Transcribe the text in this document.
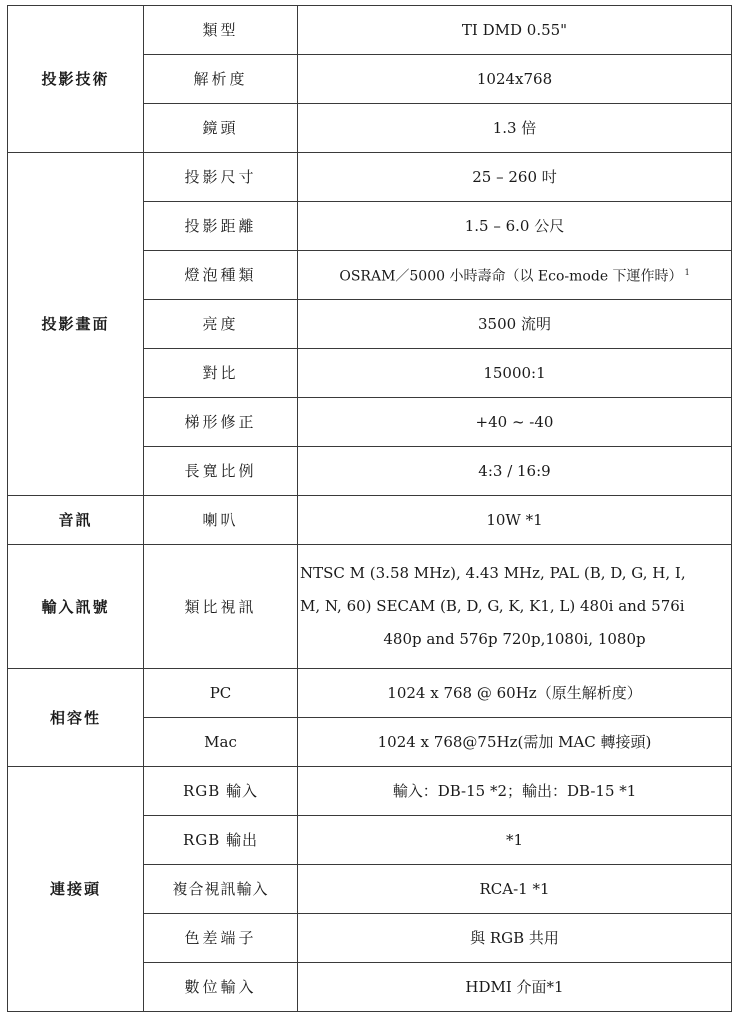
投影技術	類型	TI DMD 0.55"
	解析度	1024x768
	鏡頭	1.3 倍
投影畫面	投影尺寸	25 – 260 吋
	投影距離	1.5 – 6.0 公尺
	燈泡種類	OSRAM／5000 小時壽命（以 Eco-mode 下運作時） $^1$
	亮度	3500 流明
	對比	15000:1
	梯形修正	+40 ~ -40
	長寬比例	4:3 / 16:9
音訊	喇叭	10W *1
輸入訊號	類比視訊	NTSC M (3.58 MHz), 4.43 MHz, PAL (B, D, G, H, I,
M, N, 60) SECAM (B, D, G, K, K1, L) 480i and 576i
480p and 576p 720p,1080i, 1080p

相容性	PC	1024 x 768 @ 60Hz（原生解析度）
	Mac	1024 x 768@75Hz(需加 MAC 轉接頭)
連接頭	RGB 輸入	輸入：DB-15 *2；輸出：DB-15 *1
	RGB 輸出	*1
	複合視訊輸入	RCA-1 *1
	色差端子	與 RGB 共用
	數位輸入	HDMI 介面*1
